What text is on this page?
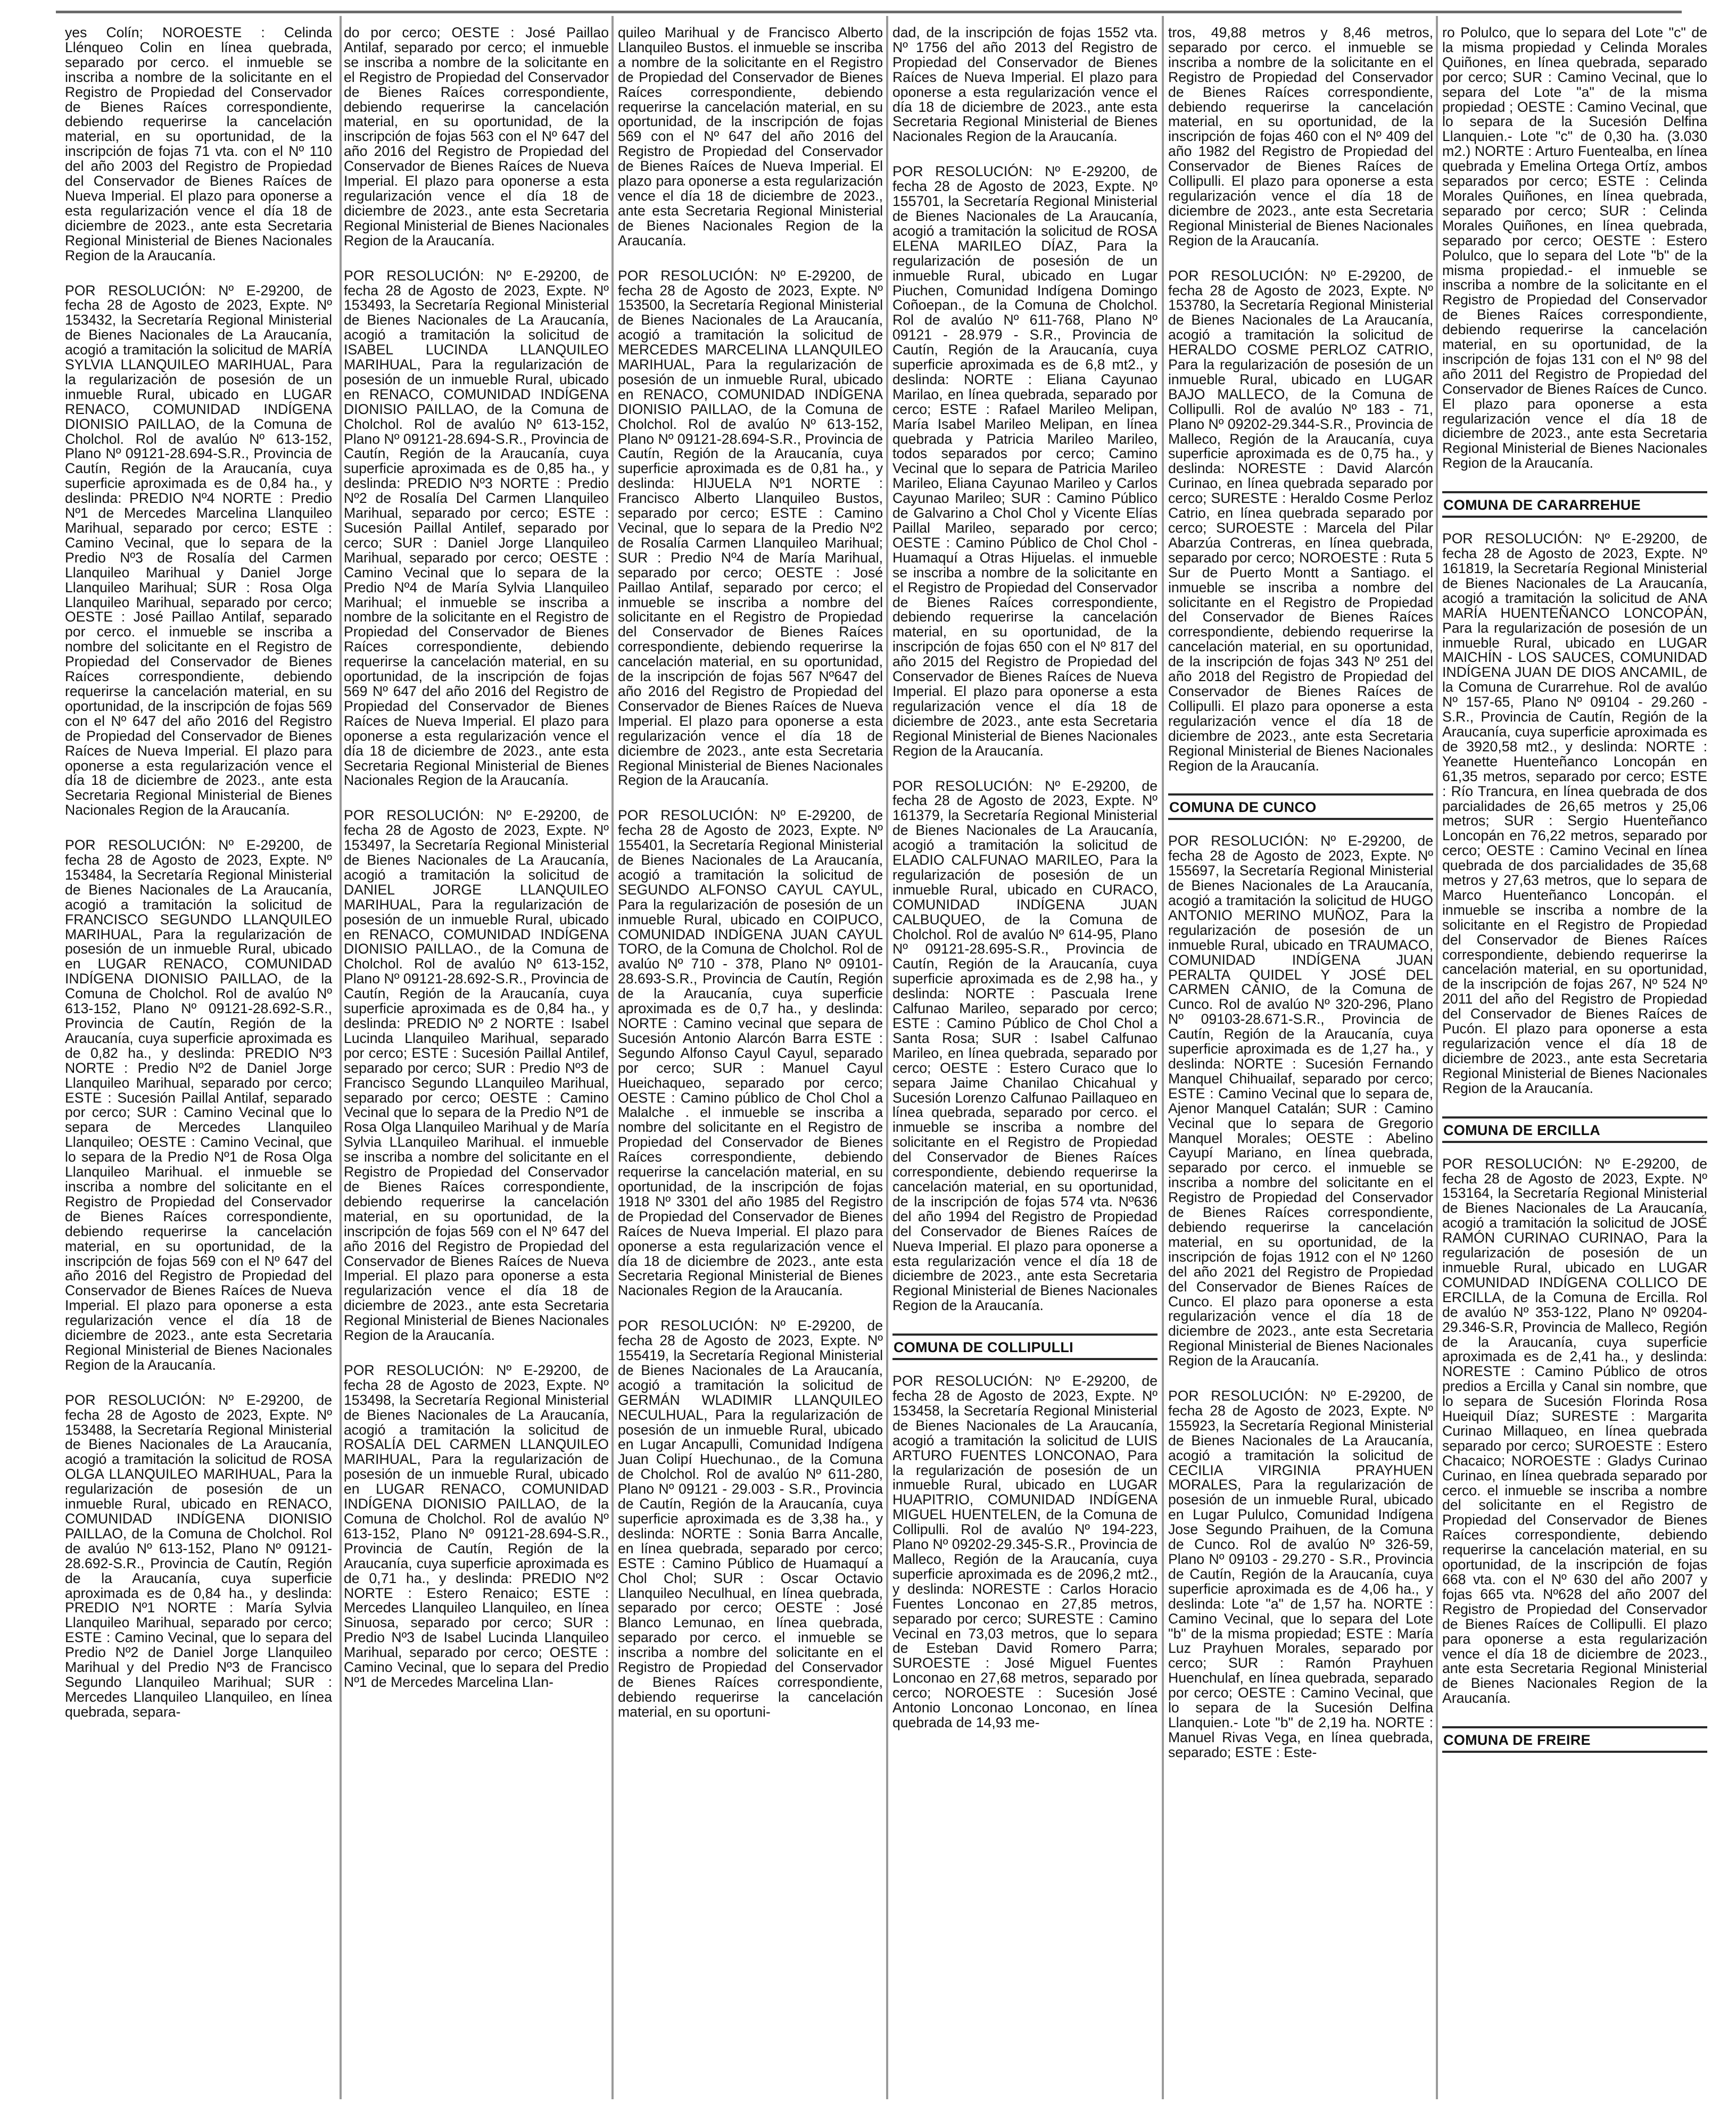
yes Colín; NOROESTE : Celinda Llénqueo Colin en línea quebrada, separado por cerco. el inmueble se inscriba a nombre de la solicitante en el Registro de Propiedad del Conservador de Bienes Raíces correspondiente, debiendo requerirse la cancelación material, en su oportunidad, de la inscripción de fojas 71 vta. con el Nº 110 del año 2003 del Registro de Propiedad del Conservador de Bienes Raíces de Nueva Imperial. El plazo para oponerse a esta regularización vence el día 18 de diciembre de 2023., ante esta Secretaria Regional Ministerial de Bienes Nacionales Region de la Araucanía.

POR RESOLUCIÓN: Nº E-29200, de fecha 28 de Agosto de 2023, Expte. Nº 153432, la Secretaría Regional Ministerial de Bienes Nacionales de La Araucanía, acogió a tramitación la solicitud de MARÍA SYLVIA LLANQUILEO MARIHUAL, Para la regularización de posesión de un inmueble Rural, ubicado en LUGAR RENACO, COMUNIDAD INDÍGENA DIONISIO PAILLAO, de la Comuna de Cholchol. Rol de avalúo Nº 613-152, Plano Nº 09121-28.694-S.R., Provincia de Cautín, Región de la Araucanía, cuya superficie aproximada es de 0,84 ha., y deslinda: PREDIO Nº4 NORTE : Predio Nº1 de Mercedes Marcelina Llanquileo Marihual, separado por cerco; ESTE : Camino Vecinal, que lo separa de la Predio Nº3 de Rosalía del Carmen Llanquileo Marihual y Daniel Jorge Llanquileo Marihual; SUR : Rosa Olga Llanquileo Marihual, separado por cerco; OESTE : José Paillao Antilaf, separado por cerco. el inmueble se inscriba a nombre del solicitante en el Registro de Propiedad del Conservador de Bienes Raíces correspondiente, debiendo requerirse la cancelación material, en su oportunidad, de la inscripción de fojas 569 con el Nº 647 del año 2016 del Registro de Propiedad del Conservador de Bienes Raíces de Nueva Imperial. El plazo para oponerse a esta regularización vence el día 18 de diciembre de 2023., ante esta Secretaria Regional Ministerial de Bienes Nacionales Region de la Araucanía.

POR RESOLUCIÓN: Nº E-29200, de fecha 28 de Agosto de 2023, Expte. Nº 153484, la Secretaría Regional Ministerial de Bienes Nacionales de La Araucanía, acogió a tramitación la solicitud de FRANCISCO SEGUNDO LLANQUILEO MARIHUAL, Para la regularización de posesión de un inmueble Rural, ubicado en LUGAR RENACO, COMUNIDAD INDÍGENA DIONISIO PAILLAO, de la Comuna de Cholchol. Rol de avalúo Nº 613-152, Plano Nº 09121-28.692-S.R., Provincia de Cautín, Región de la Araucanía, cuya superficie aproximada es de 0,82 ha., y deslinda: PREDIO Nº3 NORTE : Predio Nº2 de Daniel Jorge Llanquileo Marihual, separado por cerco; ESTE : Sucesión Paillal Antilaf, separado por cerco; SUR : Camino Vecinal que lo separa de Mercedes Llanquileo Llanquileo; OESTE : Camino Vecinal, que lo separa de la Predio Nº1 de Rosa Olga Llanquileo Marihual. el inmueble se inscriba a nombre del solicitante en el Registro de Propiedad del Conservador de Bienes Raíces correspondiente, debiendo requerirse la cancelación material, en su oportunidad, de la inscripción de fojas 569 con el Nº 647 del año 2016 del Registro de Propiedad del Conservador de Bienes Raíces de Nueva Imperial. El plazo para oponerse a esta regularización vence el día 18 de diciembre de 2023., ante esta Secretaria Regional Ministerial de Bienes Nacionales Region de la Araucanía.

POR RESOLUCIÓN: Nº E-29200, de fecha 28 de Agosto de 2023, Expte. Nº 153488, la Secretaría Regional Ministerial de Bienes Nacionales de La Araucanía, acogió a tramitación la solicitud de ROSA OLGA LLANQUILEO MARIHUAL, Para la regularización de posesión de un inmueble Rural, ubicado en RENACO, COMUNIDAD INDÍGENA DIONISIO PAILLAO, de la Comuna de Cholchol. Rol de avalúo Nº 613-152, Plano Nº 09121-28.692-S.R., Provincia de Cautín, Región de la Araucanía, cuya superficie aproximada es de 0,84 ha., y deslinda: PREDIO Nº1 NORTE : María Sylvia Llanquileo Marihual, separado por cerco; ESTE : Camino Vecinal, que lo separa del Predio Nº2 de Daniel Jorge Llanquileo Marihual y del Predio Nº3 de Francisco Segundo Llanquileo Marihual; SUR : Mercedes Llanquileo Llanquileo, en línea quebrada, separa-

do por cerco; OESTE : José Paillao Antilaf, separado por cerco; el inmueble se inscriba a nombre de la solicitante en el Registro de Propiedad del Conservador de Bienes Raíces correspondiente, debiendo requerirse la cancelación material, en su oportunidad, de la inscripción de fojas 563 con el Nº 647 del año 2016 del Registro de Propiedad del Conservador de Bienes Raíces de Nueva Imperial. El plazo para oponerse a esta regularización vence el día 18 de diciembre de 2023., ante esta Secretaria Regional Ministerial de Bienes Nacionales Region de la Araucanía.

POR RESOLUCIÓN: Nº E-29200, de fecha 28 de Agosto de 2023, Expte. Nº 153493, la Secretaría Regional Ministerial de Bienes Nacionales de La Araucanía, acogió a tramitación la solicitud de ISABEL LUCINDA LLANQUILEO MARIHUAL, Para la regularización de posesión de un inmueble Rural, ubicado en RENACO, COMUNIDAD INDÍGENA DIONISIO PAILLAO, de la Comuna de Cholchol. Rol de avalúo Nº 613-152, Plano Nº 09121-28.694-S.R., Provincia de Cautín, Región de la Araucanía, cuya superficie aproximada es de 0,85 ha., y deslinda: PREDIO Nº3 NORTE : Predio Nº2 de Rosalía Del Carmen Llanquileo Marihual, separado por cerco; ESTE : Sucesión Paillal Antilef, separado por cerco; SUR : Daniel Jorge Llanquileo Marihual, separado por cerco; OESTE : Camino Vecinal que lo separa de la Predio Nº4 de María Sylvia Llanquileo Marihual; el inmueble se inscriba a nombre de la solicitante en el Registro de Propiedad del Conservador de Bienes Raíces correspondiente, debiendo requerirse la cancelación material, en su oportunidad, de la inscripción de fojas 569 Nº 647 del año 2016 del Registro de Propiedad del Conservador de Bienes Raíces de Nueva Imperial. El plazo para oponerse a esta regularización vence el día 18 de diciembre de 2023., ante esta Secretaria Regional Ministerial de Bienes Nacionales Region de la Araucanía.

POR RESOLUCIÓN: Nº E-29200, de fecha 28 de Agosto de 2023, Expte. Nº 153497, la Secretaría Regional Ministerial de Bienes Nacionales de La Araucanía, acogió a tramitación la solicitud de DANIEL JORGE LLANQUILEO MARIHUAL, Para la regularización de posesión de un inmueble Rural, ubicado en RENACO, COMUNIDAD INDÍGENA DIONISIO PAILLAO., de la Comuna de Cholchol. Rol de avalúo Nº 613-152, Plano Nº 09121-28.692-S.R., Provincia de Cautín, Región de la Araucanía, cuya superficie aproximada es de 0,84 ha., y deslinda: PREDIO Nº 2 NORTE : Isabel Lucinda Llanquileo Marihual, separado por cerco; ESTE : Sucesión Paillal Antilef, separado por cerco; SUR : Predio Nº3 de Francisco Segundo LLanquileo Marihual, separado por cerco; OESTE : Camino Vecinal que lo separa de la Predio Nº1 de Rosa Olga Llanquileo Marihual y de María Sylvia LLanquileo Marihual. el inmueble se inscriba a nombre del solicitante en el Registro de Propiedad del Conservador de Bienes Raíces correspondiente, debiendo requerirse la cancelación material, en su oportunidad, de la inscripción de fojas 569 con el Nº 647 del año 2016 del Registro de Propiedad del Conservador de Bienes Raíces de Nueva Imperial. El plazo para oponerse a esta regularización vence el día 18 de diciembre de 2023., ante esta Secretaria Regional Ministerial de Bienes Nacionales Region de la Araucanía.

POR RESOLUCIÓN: Nº E-29200, de fecha 28 de Agosto de 2023, Expte. Nº 153498, la Secretaría Regional Ministerial de Bienes Nacionales de La Araucanía, acogió a tramitación la solicitud de ROSALÍA DEL CARMEN LLANQUILEO MARIHUAL, Para la regularización de posesión de un inmueble Rural, ubicado en LUGAR RENACO, COMUNIDAD INDÍGENA DIONISIO PAILLAO, de la Comuna de Cholchol. Rol de avalúo Nº 613-152, Plano Nº 09121-28.694-S.R., Provincia de Cautín, Región de la Araucanía, cuya superficie aproximada es de 0,71 ha., y deslinda: PREDIO Nº2 NORTE : Estero Renaico; ESTE : Mercedes Llanquileo Llanquileo, en línea Sinuosa, separado por cerco; SUR : Predio Nº3 de Isabel Lucinda Llanquileo Marihual, separado por cerco; OESTE : Camino Vecinal, que lo separa del Predio Nº1 de Mercedes Marcelina Llan-

quileo Marihual y de Francisco Alberto Llanquileo Bustos. el inmueble se inscriba a nombre de la solicitante en el Registro de Propiedad del Conservador de Bienes Raíces correspondiente, debiendo requerirse la cancelación material, en su oportunidad, de la inscripción de fojas 569 con el Nº 647 del año 2016 del Registro de Propiedad del Conservador de Bienes Raíces de Nueva Imperial. El plazo para oponerse a esta regularización vence el día 18 de diciembre de 2023., ante esta Secretaria Regional Ministerial de Bienes Nacionales Region de la Araucanía.

POR RESOLUCIÓN: Nº E-29200, de fecha 28 de Agosto de 2023, Expte. Nº 153500, la Secretaría Regional Ministerial de Bienes Nacionales de La Araucanía, acogió a tramitación la solicitud de MERCEDES MARCELINA LLANQUILEO MARIHUAL, Para la regularización de posesión de un inmueble Rural, ubicado en RENACO, COMUNIDAD INDÍGENA DIONISIO PAILLAO, de la Comuna de Cholchol. Rol de avalúo Nº 613-152, Plano Nº 09121-28.694-S.R., Provincia de Cautín, Región de la Araucanía, cuya superficie aproximada es de 0,81 ha., y deslinda: HIJUELA Nº1 NORTE : Francisco Alberto Llanquileo Bustos, separado por cerco; ESTE : Camino Vecinal, que lo separa de la Predio Nº2 de Rosalía Carmen Llanquileo Marihual; SUR : Predio Nº4 de María Marihual, separado por cerco; OESTE : José Paillao Antilaf, separado por cerco; el inmueble se inscriba a nombre del solicitante en el Registro de Propiedad del Conservador de Bienes Raíces correspondiente, debiendo requerirse la cancelación material, en su oportunidad, de la inscripción de fojas 567 Nº647 del año 2016 del Registro de Propiedad del Conservador de Bienes Raíces de Nueva Imperial. El plazo para oponerse a esta regularización vence el día 18 de diciembre de 2023., ante esta Secretaria Regional Ministerial de Bienes Nacionales Region de la Araucanía.

POR RESOLUCIÓN: Nº E-29200, de fecha 28 de Agosto de 2023, Expte. Nº 155401, la Secretaría Regional Ministerial de Bienes Nacionales de La Araucanía, acogió a tramitación la solicitud de SEGUNDO ALFONSO CAYUL CAYUL, Para la regularización de posesión de un inmueble Rural, ubicado en COIPUCO, COMUNIDAD INDÍGENA JUAN CAYUL TORO, de la Comuna de Cholchol. Rol de avalúo Nº 710 - 378, Plano Nº 09101-28.693-S.R., Provincia de Cautín, Región de la Araucanía, cuya superficie aproximada es de 0,7 ha., y deslinda: NORTE : Camino vecinal que separa de Sucesión Antonio Alarcón Barra ESTE : Segundo Alfonso Cayul Cayul, separado por cerco; SUR : Manuel Cayul Hueichaqueo, separado por cerco; OESTE : Camino público de Chol Chol a Malalche . el inmueble se inscriba a nombre del solicitante en el Registro de Propiedad del Conservador de Bienes Raíces correspondiente, debiendo requerirse la cancelación material, en su oportunidad, de la inscripción de fojas 1918 Nº 3301 del año 1985 del Registro de Propiedad del Conservador de Bienes Raíces de Nueva Imperial. El plazo para oponerse a esta regularización vence el día 18 de diciembre de 2023., ante esta Secretaria Regional Ministerial de Bienes Nacionales Region de la Araucanía.

POR RESOLUCIÓN: Nº E-29200, de fecha 28 de Agosto de 2023, Expte. Nº 155419, la Secretaría Regional Ministerial de Bienes Nacionales de La Araucanía, acogió a tramitación la solicitud de GERMÁN WLADIMIR LLANQUILEO NECULHUAL, Para la regularización de posesión de un inmueble Rural, ubicado en Lugar Ancapulli, Comunidad Indígena Juan Colipí Huechunao., de la Comuna de Cholchol. Rol de avalúo Nº 611-280, Plano Nº 09121 - 29.003 - S.R., Provincia de Cautín, Región de la Araucanía, cuya superficie aproximada es de 3,38 ha., y deslinda: NORTE : Sonia Barra Ancalle, en línea quebrada, separado por cerco; ESTE : Camino Público de Huamaquí a Chol Chol; SUR : Oscar Octavio Llanquileo Neculhual, en línea quebrada, separado por cerco; OESTE : José Blanco Lemunao, en línea quebrada, separado por cerco. el inmueble se inscriba a nombre del solicitante en el Registro de Propiedad del Conservador de Bienes Raíces correspondiente, debiendo requerirse la cancelación material, en su oportuni-

dad, de la inscripción de fojas 1552 vta. Nº 1756 del año 2013 del Registro de Propiedad del Conservador de Bienes Raíces de Nueva Imperial. El plazo para oponerse a esta regularización vence el día 18 de diciembre de 2023., ante esta Secretaria Regional Ministerial de Bienes Nacionales Region de la Araucanía.

POR RESOLUCIÓN: Nº E-29200, de fecha 28 de Agosto de 2023, Expte. Nº 155701, la Secretaría Regional Ministerial de Bienes Nacionales de La Araucanía, acogió a tramitación la solicitud de ROSA ELENA MARILEO DÍAZ, Para la regularización de posesión de un inmueble Rural, ubicado en Lugar Piuchen, Comunidad Indígena Domingo Coñoepan., de la Comuna de Cholchol. Rol de avalúo Nº 611-768, Plano Nº 09121 - 28.979 - S.R., Provincia de Cautín, Región de la Araucanía, cuya superficie aproximada es de 6,8 mt2., y deslinda: NORTE : Eliana Cayunao Marilao, en línea quebrada, separado por cerco; ESTE : Rafael Marileo Melipan, María Isabel Marileo Melipan, en línea quebrada y Patricia Marileo Marileo, todos separados por cerco; Camino Vecinal que lo separa de Patricia Marileo Marileo, Eliana Cayunao Marileo y Carlos Cayunao Marileo; SUR : Camino Público de Galvarino a Chol Chol y Vicente Elías Paillal Marileo, separado por cerco; OESTE : Camino Público de Chol Chol - Huamaquí a Otras Hijuelas. el inmueble se inscriba a nombre de la solicitante en el Registro de Propiedad del Conservador de Bienes Raíces correspondiente, debiendo requerirse la cancelación material, en su oportunidad, de la inscripción de fojas 650 con el Nº 817 del año 2015 del Registro de Propiedad del Conservador de Bienes Raíces de Nueva Imperial. El plazo para oponerse a esta regularización vence el día 18 de diciembre de 2023., ante esta Secretaria Regional Ministerial de Bienes Nacionales Region de la Araucanía.

POR RESOLUCIÓN: Nº E-29200, de fecha 28 de Agosto de 2023, Expte. Nº 161379, la Secretaría Regional Ministerial de Bienes Nacionales de La Araucanía, acogió a tramitación la solicitud de ELADIO CALFUNAO MARILEO, Para la regularización de posesión de un inmueble Rural, ubicado en CURACO, COMUNIDAD INDÍGENA JUAN CALBUQUEO, de la Comuna de Cholchol. Rol de avalúo Nº 614-95, Plano Nº 09121-28.695-S.R., Provincia de Cautín, Región de la Araucanía, cuya superficie aproximada es de 2,98 ha., y deslinda: NORTE : Pascuala Irene Calfunao Marileo, separado por cerco; ESTE : Camino Público de Chol Chol a Santa Rosa; SUR : Isabel Calfunao Marileo, en línea quebrada, separado por cerco; OESTE : Estero Curaco que lo separa Jaime Chanilao Chicahual y Sucesión Lorenzo Calfunao Paillaqueo en línea quebrada, separado por cerco. el inmueble se inscriba a nombre del solicitante en el Registro de Propiedad del Conservador de Bienes Raíces correspondiente, debiendo requerirse la cancelación material, en su oportunidad, de la inscripción de fojas 574 vta. Nº636 del año 1994 del Registro de Propiedad del Conservador de Bienes Raíces de Nueva Imperial. El plazo para oponerse a esta regularización vence el día 18 de diciembre de 2023., ante esta Secretaria Regional Ministerial de Bienes Nacionales Region de la Araucanía.

COMUNA DE COLLIPULLI

POR RESOLUCIÓN: Nº E-29200, de fecha 28 de Agosto de 2023, Expte. Nº 153458, la Secretaría Regional Ministerial de Bienes Nacionales de La Araucanía, acogió a tramitación la solicitud de LUIS ARTURO FUENTES LONCONAO, Para la regularización de posesión de un inmueble Rural, ubicado en LUGAR HUAPITRIO, COMUNIDAD INDÍGENA MIGUEL HUENTELEN, de la Comuna de Collipulli. Rol de avalúo Nº 194-223, Plano Nº 09202-29.345-S.R., Provincia de Malleco, Región de la Araucanía, cuya superficie aproximada es de 2096,2 mt2., y deslinda: NORESTE : Carlos Horacio Fuentes Lonconao en 27,85 metros, separado por cerco; SURESTE : Camino Vecinal en 73,03 metros, que lo separa de Esteban David Romero Parra; SUROESTE : José Miguel Fuentes Lonconao en 27,68 metros, separado por cerco; NOROESTE : Sucesión José Antonio Lonconao Lonconao, en línea quebrada de 14,93 me-

tros, 49,88 metros y 8,46 metros, separado por cerco. el inmueble se inscriba a nombre de la solicitante en el Registro de Propiedad del Conservador de Bienes Raíces correspondiente, debiendo requerirse la cancelación material, en su oportunidad, de la inscripción de fojas 460 con el Nº 409 del año 1982 del Registro de Propiedad del Conservador de Bienes Raíces de Collipulli. El plazo para oponerse a esta regularización vence el día 18 de diciembre de 2023., ante esta Secretaria Regional Ministerial de Bienes Nacionales Region de la Araucanía.

POR RESOLUCIÓN: Nº E-29200, de fecha 28 de Agosto de 2023, Expte. Nº 153780, la Secretaría Regional Ministerial de Bienes Nacionales de La Araucanía, acogió a tramitación la solicitud de HERALDO COSME PERLOZ CATRIO, Para la regularización de posesión de un inmueble Rural, ubicado en LUGAR BAJO MALLECO, de la Comuna de Collipulli. Rol de avalúo Nº 183 - 71, Plano Nº 09202-29.344-S.R., Provincia de Malleco, Región de la Araucanía, cuya superficie aproximada es de 0,75 ha., y deslinda: NORESTE : David Alarcón Curinao, en línea quebrada separado por cerco; SURESTE : Heraldo Cosme Perloz Catrio, en línea quebrada separado por cerco; SUROESTE : Marcela del Pilar Abarzúa Contreras, en línea quebrada, separado por cerco; NOROESTE : Ruta 5 Sur de Puerto Montt a Santiago. el inmueble se inscriba a nombre del solicitante en el Registro de Propiedad del Conservador de Bienes Raíces correspondiente, debiendo requerirse la cancelación material, en su oportunidad, de la inscripción de fojas 343 Nº 251 del año 2018 del Registro de Propiedad del Conservador de Bienes Raíces de Collipulli. El plazo para oponerse a esta regularización vence el día 18 de diciembre de 2023., ante esta Secretaria Regional Ministerial de Bienes Nacionales Region de la Araucanía.

COMUNA DE CUNCO

POR RESOLUCIÓN: Nº E-29200, de fecha 28 de Agosto de 2023, Expte. Nº 155697, la Secretaría Regional Ministerial de Bienes Nacionales de La Araucanía, acogió a tramitación la solicitud de HUGO ANTONIO MERINO MUÑOZ, Para la regularización de posesión de un inmueble Rural, ubicado en TRAUMACO, COMUNIDAD INDÍGENA JUAN PERALTA QUIDEL Y JOSÉ DEL CARMEN CANIO, de la Comuna de Cunco. Rol de avalúo Nº 320-296, Plano Nº 09103-28.671-S.R., Provincia de Cautín, Región de la Araucanía, cuya superficie aproximada es de 1,27 ha., y deslinda: NORTE : Sucesión Fernando Manquel Chihuailaf, separado por cerco; ESTE : Camino Vecinal que lo separa de, Ajenor Manquel Catalán; SUR : Camino Vecinal que lo separa de Gregorio Manquel Morales; OESTE : Abelino Cayupí Mariano, en línea quebrada, separado por cerco. el inmueble se inscriba a nombre del solicitante en el Registro de Propiedad del Conservador de Bienes Raíces correspondiente, debiendo requerirse la cancelación material, en su oportunidad, de la inscripción de fojas 1912 con el Nº 1260 del año 2021 del Registro de Propiedad del Conservador de Bienes Raíces de Cunco. El plazo para oponerse a esta regularización vence el día 18 de diciembre de 2023., ante esta Secretaria Regional Ministerial de Bienes Nacionales Region de la Araucanía.

POR RESOLUCIÓN: Nº E-29200, de fecha 28 de Agosto de 2023, Expte. Nº 155923, la Secretaría Regional Ministerial de Bienes Nacionales de La Araucanía, acogió a tramitación la solicitud de CECILIA VIRGINIA PRAYHUEN MORALES, Para la regularización de posesión de un inmueble Rural, ubicado en Lugar Pululco, Comunidad Indígena Jose Segundo Praihuen, de la Comuna de Cunco. Rol de avalúo Nº 326-59, Plano Nº 09103 - 29.270 - S.R., Provincia de Cautín, Región de la Araucanía, cuya superficie aproximada es de 4,06 ha., y deslinda: Lote "a" de 1,57 ha. NORTE : Camino Vecinal, que lo separa del Lote "b" de la misma propiedad; ESTE : María Luz Prayhuen Morales, separado por cerco; SUR : Ramón Prayhuen Huenchulaf, en línea quebrada, separado por cerco; OESTE : Camino Vecinal, que lo separa de la Sucesión Delfina Llanquien.- Lote "b" de 2,19 ha. NORTE : Manuel Rivas Vega, en línea quebrada, separado; ESTE : Este-

ro Polulco, que lo separa del Lote "c" de la misma propiedad y Celinda Morales Quiñones, en línea quebrada, separado por cerco; SUR : Camino Vecinal, que lo separa del Lote "a" de la misma propiedad ; OESTE : Camino Vecinal, que lo separa de la Sucesión Delfina Llanquien.- Lote "c" de 0,30 ha. (3.030 m2.) NORTE : Arturo Fuentealba, en línea quebrada y Emelina Ortega Ortíz, ambos separados por cerco; ESTE : Celinda Morales Quiñones, en línea quebrada, separado por cerco; SUR : Celinda Morales Quiñones, en línea quebrada, separado por cerco; OESTE : Estero Polulco, que lo separa del Lote "b" de la misma propiedad.- el inmueble se inscriba a nombre de la solicitante en el Registro de Propiedad del Conservador de Bienes Raíces correspondiente, debiendo requerirse la cancelación material, en su oportunidad, de la inscripción de fojas 131 con el Nº 98 del año 2011 del Registro de Propiedad del Conservador de Bienes Raíces de Cunco. El plazo para oponerse a esta regularización vence el día 18 de diciembre de 2023., ante esta Secretaria Regional Ministerial de Bienes Nacionales Region de la Araucanía.

COMUNA DE CARARREHUE

POR RESOLUCIÓN: Nº E-29200, de fecha 28 de Agosto de 2023, Expte. Nº 161819, la Secretaría Regional Ministerial de Bienes Nacionales de La Araucanía, acogió a tramitación la solicitud de ANA MARÍA HUENTEÑANCO LONCOPÁN, Para la regularización de posesión de un inmueble Rural, ubicado en LUGAR MAICHÍN - LOS SAUCES, COMUNIDAD INDÍGENA JUAN DE DIOS ANCAMIL, de la Comuna de Curarrehue. Rol de avalúo Nº 157-65, Plano Nº 09104 - 29.260 - S.R., Provincia de Cautín, Región de la Araucanía, cuya superficie aproximada es de 3920,58 mt2., y deslinda: NORTE : Yeanette Huenteñanco Loncopán en 61,35 metros, separado por cerco; ESTE : Río Trancura, en línea quebrada de dos parcialidades de 26,65 metros y 25,06 metros; SUR : Sergio Huenteñanco Loncopán en 76,22 metros, separado por cerco; OESTE : Camino Vecinal en línea quebrada de dos parcialidades de 35,68 metros y 27,63 metros, que lo separa de Marco Huenteñanco Loncopán. el inmueble se inscriba a nombre de la solicitante en el Registro de Propiedad del Conservador de Bienes Raíces correspondiente, debiendo requerirse la cancelación material, en su oportunidad, de la inscripción de fojas 267, Nº 524 Nº 2011 del año del Registro de Propiedad del Conservador de Bienes Raíces de Pucón. El plazo para oponerse a esta regularización vence el día 18 de diciembre de 2023., ante esta Secretaria Regional Ministerial de Bienes Nacionales Region de la Araucanía.

COMUNA DE ERCILLA

POR RESOLUCIÓN: Nº E-29200, de fecha 28 de Agosto de 2023, Expte. Nº 153164, la Secretaría Regional Ministerial de Bienes Nacionales de La Araucanía, acogió a tramitación la solicitud de JOSÉ RAMÓN CURINAO CURINAO, Para la regularización de posesión de un inmueble Rural, ubicado en LUGAR COMUNIDAD INDÍGENA COLLICO DE ERCILLA, de la Comuna de Ercilla. Rol de avalúo Nº 353-122, Plano Nº 09204-29.346-S.R, Provincia de Malleco, Región de la Araucanía, cuya superficie aproximada es de 2,41 ha., y deslinda: NORESTE : Camino Público de otros predios a Ercilla y Canal sin nombre, que lo separa de Sucesión Florinda Rosa Hueiquil Díaz; SURESTE : Margarita Curinao Millaqueo, en línea quebrada separado por cerco; SUROESTE : Estero Chacaico; NOROESTE : Gladys Curinao Curinao, en línea quebrada separado por cerco. el inmueble se inscriba a nombre del solicitante en el Registro de Propiedad del Conservador de Bienes Raíces correspondiente, debiendo requerirse la cancelación material, en su oportunidad, de la inscripción de fojas 668 vta. con el Nº 630 del año 2007 y fojas 665 vta. Nº628 del año 2007 del Registro de Propiedad del Conservador de Bienes Raíces de Collipulli. El plazo para oponerse a esta regularización vence el día 18 de diciembre de 2023., ante esta Secretaria Regional Ministerial de Bienes Nacionales Region de la Araucanía.

COMUNA DE FREIRE
